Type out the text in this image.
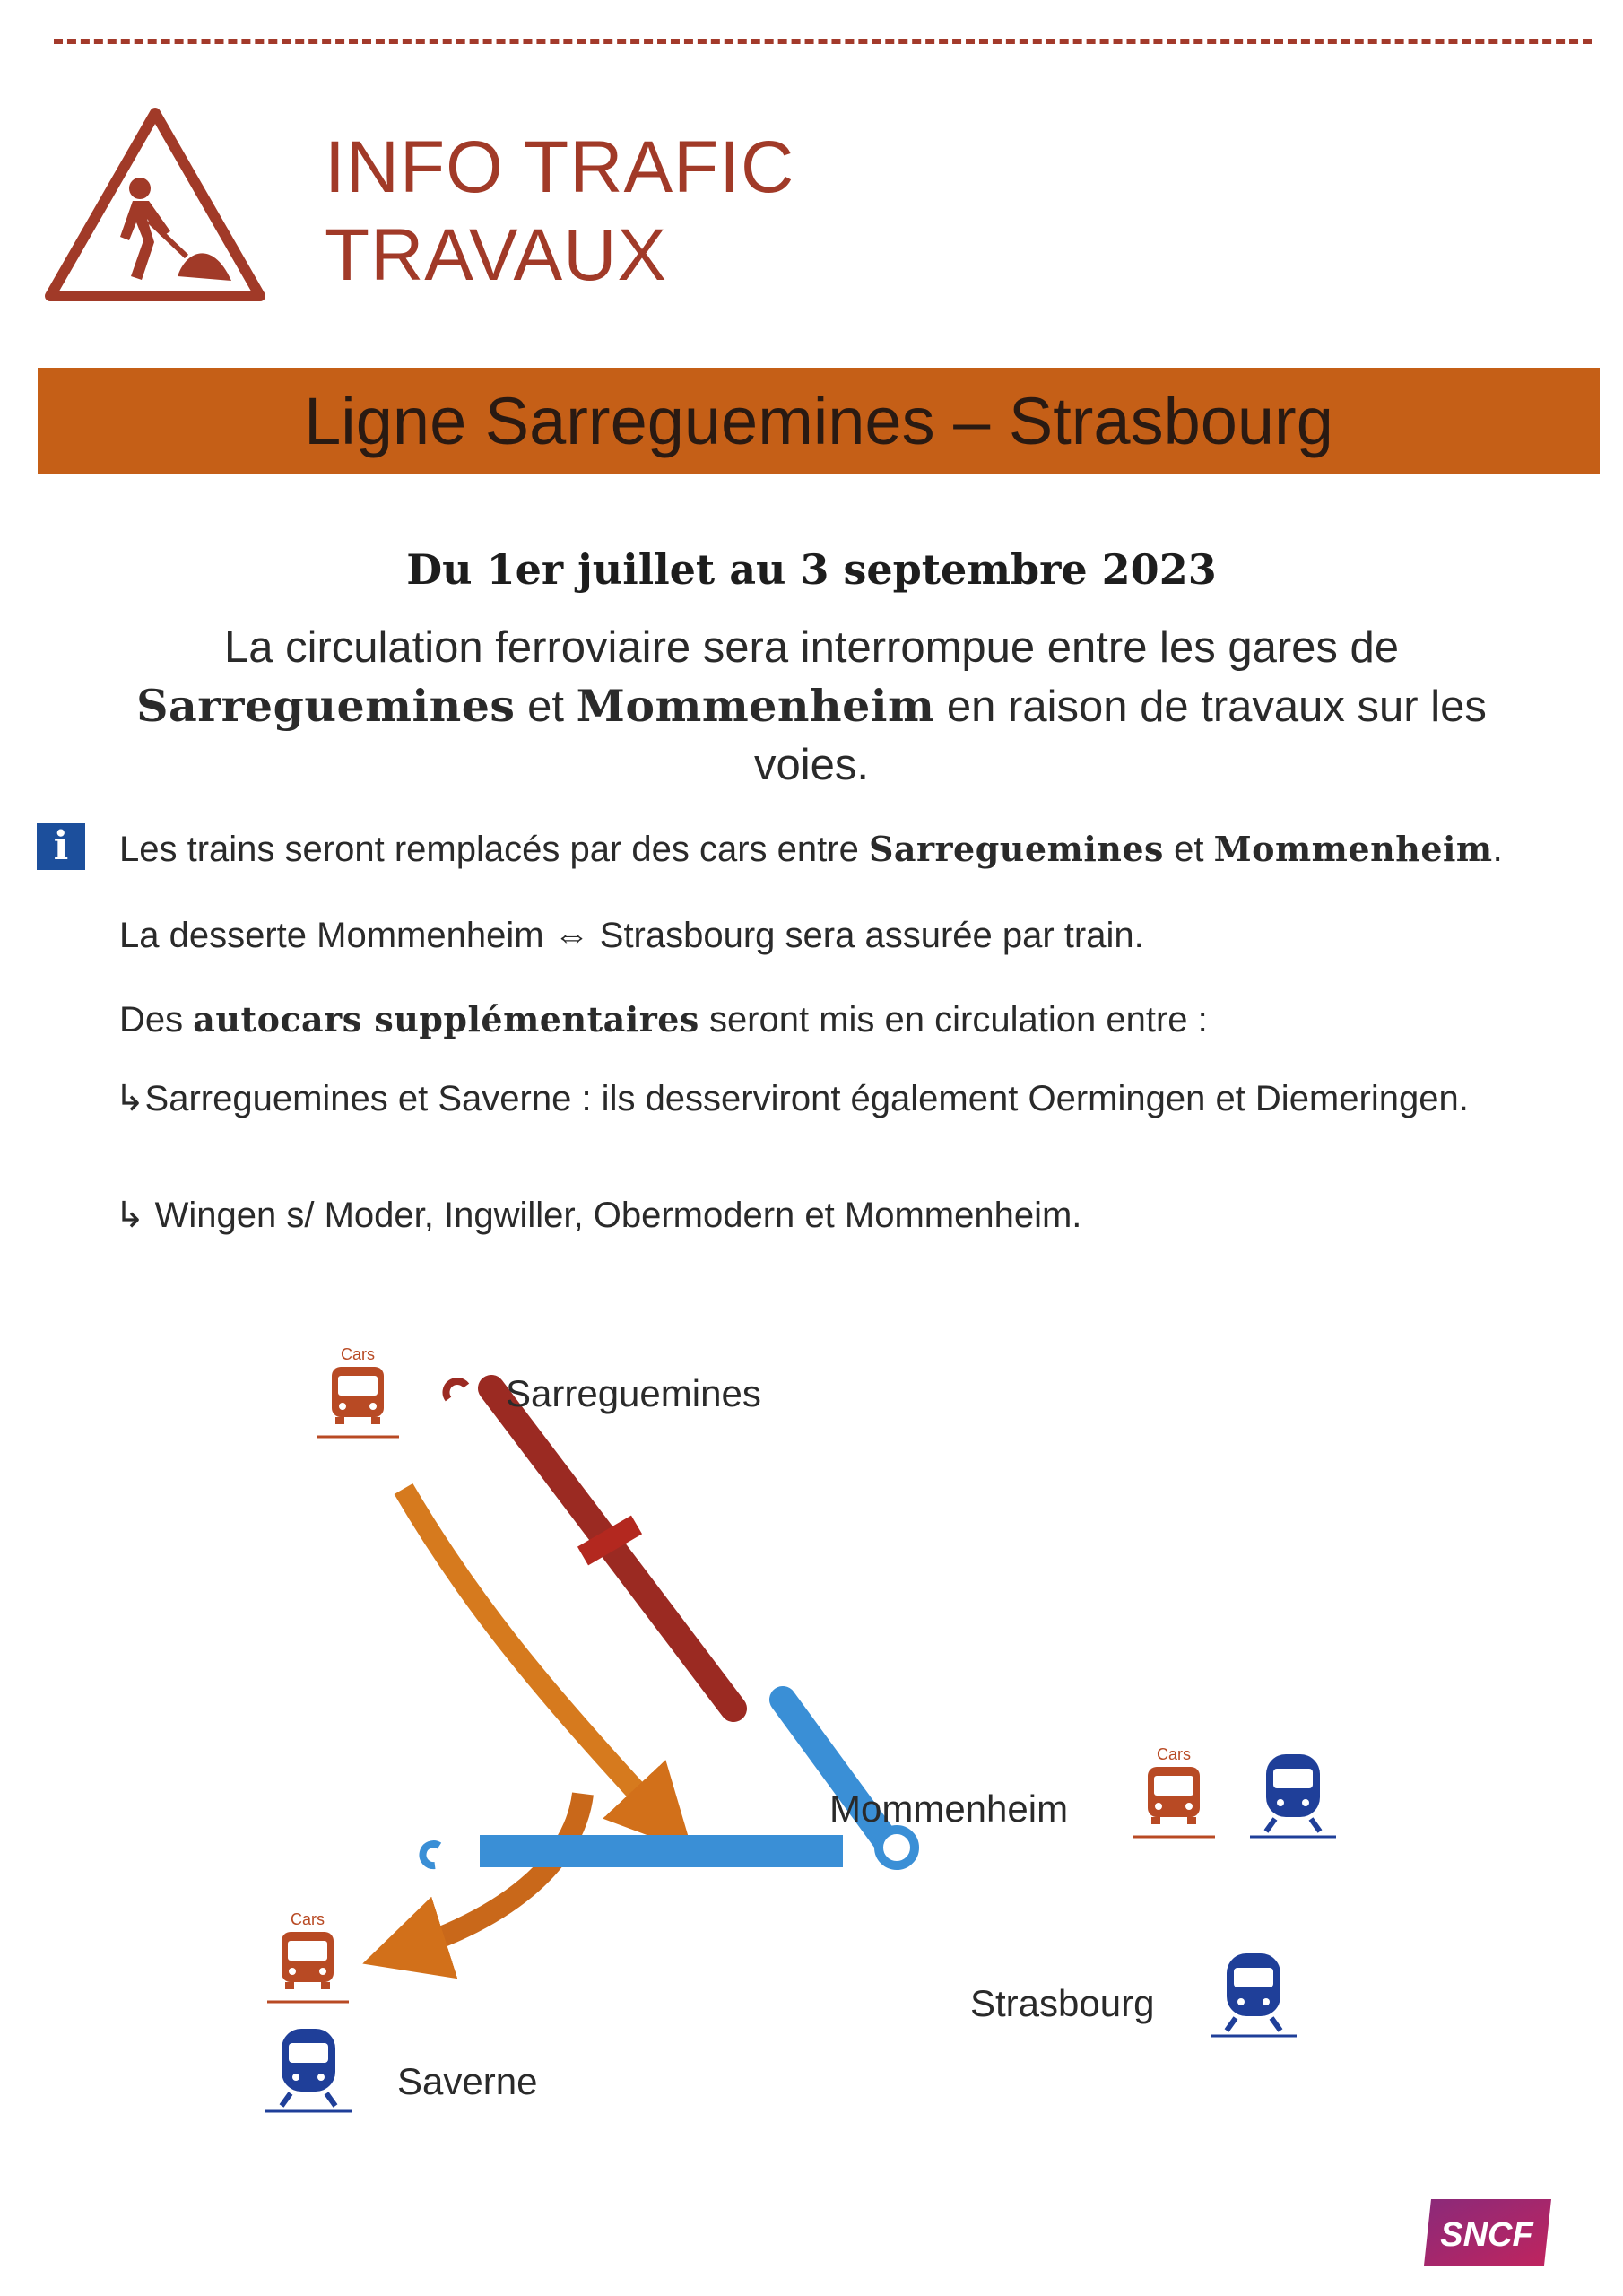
INFO TRAFIC
TRAVAUX
Ligne Sarreguemines – Strasbourg
Du 1er juillet au 3 septembre 2023
La circulation ferroviaire sera interrompue entre les gares de Sarreguemines et Mommenheim en raison de travaux sur les voies.
i	Les trains seront remplacés par des cars entre Sarreguemines et Mommenheim.
La desserte Mommenheim ⇔ Strasbourg sera assurée par train.
Des autocars supplémentaires seront mis en circulation entre :
↳Sarreguemines et Saverne : ils desserviront également Oermingen et Diemeringen.
↳ Wingen s/ Moder, Ingwiller, Obermodern et Mommenheim.
Sarreguemines
Mommenheim
Strasbourg
Saverne
Cars
Cars
Cars
SNCF
